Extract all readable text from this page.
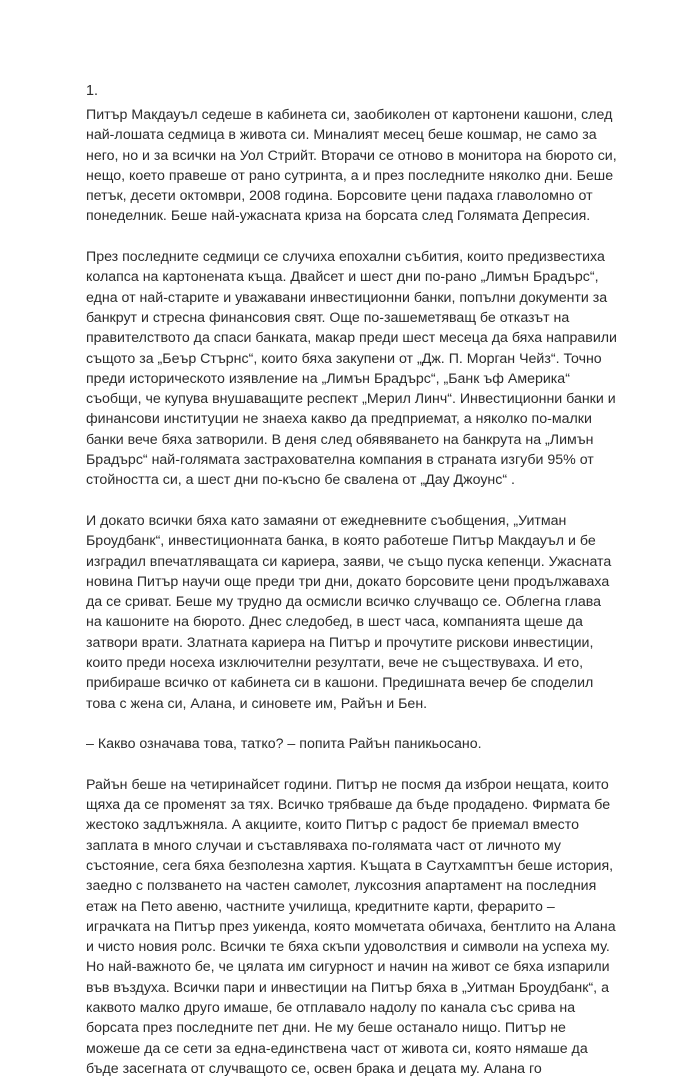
1.

Питър Макдауъл седеше в кабинета си, заобиколен от картонени кашони, след
най-лошата седмица в живота си. Миналият месец беше кошмар, не само за
него, но и за всички на Уол Стрийт. Вторачи се отново в монитора на бюрото си,
нещо, което правеше от рано сутринта, а и през последните няколко дни. Беше
петък, десети октомври, 2008 година. Борсовите цени падаха главоломно от
понеделник. Беше най-ужасната криза на борсата след Голямата Депресия.

През последните седмици се случиха епохални събития, които предизвестиха
колапса на картонената къща. Двайсет и шест дни по-рано „Лимън Брадърс“,
една от най-старите и уважавани инвестиционни банки, попълни документи за
банкрут и стресна финансовия свят. Още по-зашеметяващ бе отказът на
правителството да спаси банката, макар преди шест месеца да бяха направили
същото за „Беър Стърнс“, които бяха закупени от „Дж. П. Морган Чейз“. Точно
преди историческото изявление на „Лимън Брадърс“, „Банк ъф Америка“
съобщи, че купува внушаващите респект „Мерил Линч“. Инвестиционни банки и
финансови институции не знаеха какво да предприемат, а няколко по-малки
банки вече бяха затворили. В деня след обявяването на банкрута на „Лимън
Брадърс“ най-голямата застрахователна компания в страната изгуби 95% от
стойността си, а шест дни по-късно бе свалена от „Дау Джоунс“ .

И докато всички бяха като замаяни от ежедневните съобщения, „Уитман
Броудбанк“, инвестиционната банка, в която работеше Питър Макдауъл и бе
изградил впечатляващата си кариера, заяви, че също пуска кепенци. Ужасната
новина Питър научи още преди три дни, докато борсовите цени продължаваха
да се сриват. Беше му трудно да осмисли всичко случващо се. Облегна глава
на кашоните на бюрото. Днес следобед, в шест часа, компанията щеше да
затвори врати. Златната кариера на Питър и прочутите рискови инвестиции,
които преди носеха изключителни резултати, вече не съществуваха. И ето,
прибираше всичко от кабинета си в кашони. Предишната вечер бе споделил
това с жена си, Алана, и синовете им, Райън и Бен.

– Какво означава това, татко? – попита Райън паникьосано.

Райън беше на четиринайсет години. Питър не посмя да изброи нещата, които
щяха да се променят за тях. Всичко трябваше да бъде продадено. Фирмата бе
жестоко задлъжняла. А акциите, които Питър с радост бе приемал вместо
заплата в много случаи и съставляваха по-голямата част от личното му
състояние, сега бяха безполезна хартия. Къщата в Саутхамптън беше история,
заедно с ползването на частен самолет, луксозния апартамент на последния
етаж на Пето авеню, частните училища, кредитните карти, ферарито –
играчката на Питър през уикенда, която момчетата обичаха, бентлито на Алана
и чисто новия ролс. Всички те бяха скъпи удоволствия и символи на успеха му.
Но най-важното бе, че цялата им сигурност и начин на живот се бяха изпарили
във въздуха. Всички пари и инвестиции на Питър бяха в „Уитман Броудбанк“, а
каквото малко друго имаше, бе отплавало надолу по канала със срива на
борсата през последните пет дни. Не му беше останало нищо. Питър не
можеше да се сети за една-единствена част от живота си, която нямаше да
бъде засегната от случващото се, освен брака и децата му. Алана го
